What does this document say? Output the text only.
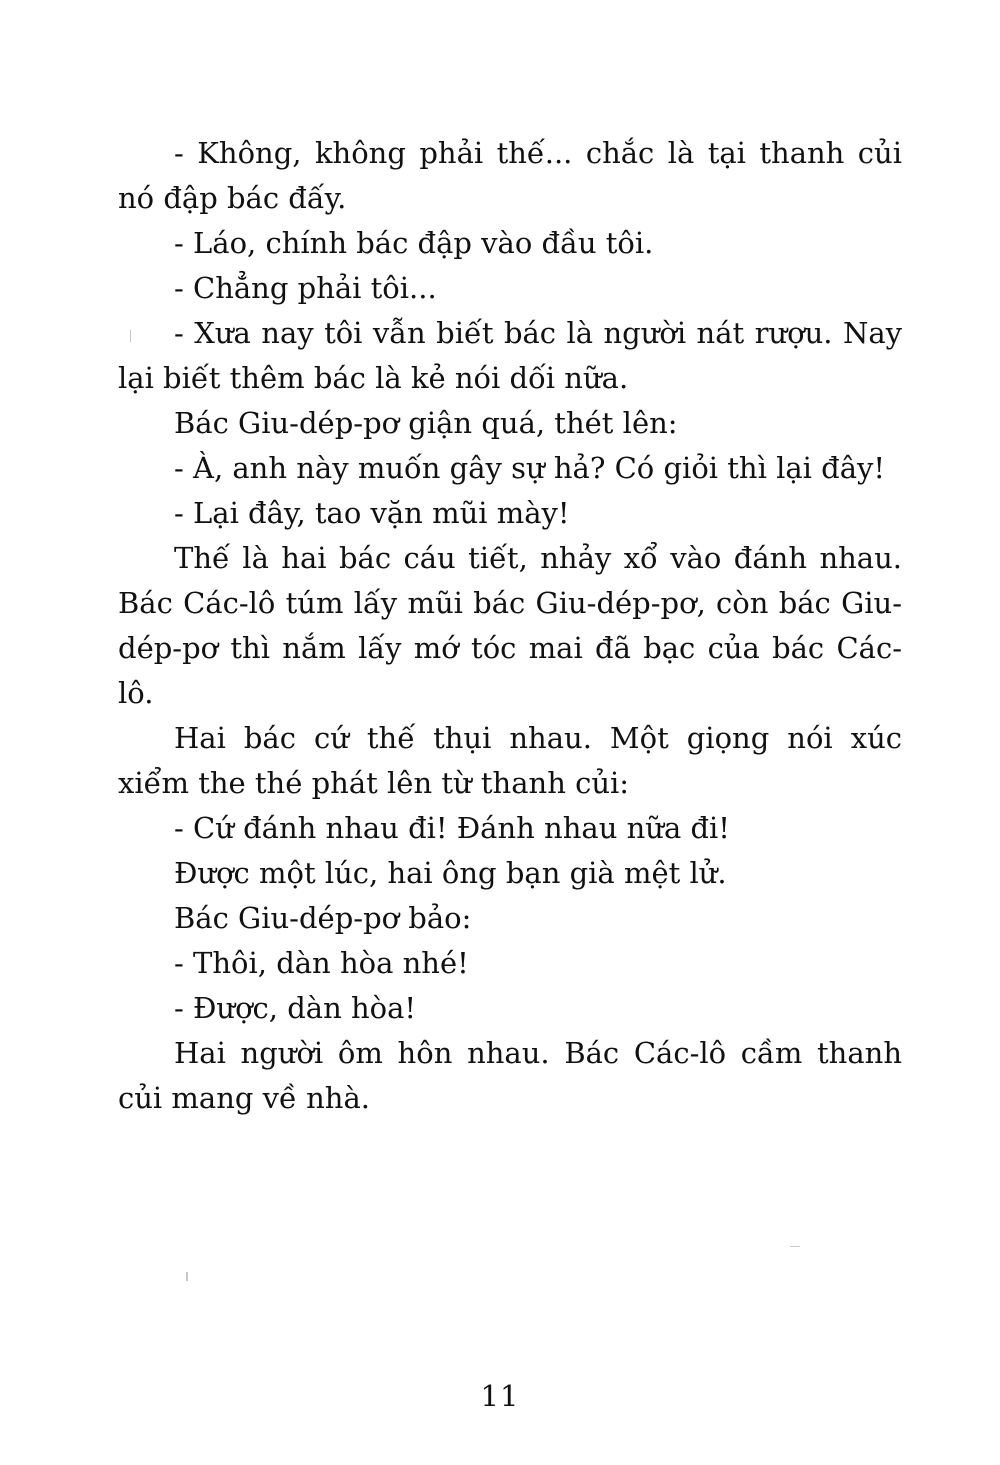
- Không, không phải thế... chắc là tại thanh củi nó đập bác đấy.

- Láo, chính bác đập vào đầu tôi.

- Chẳng phải tôi...

- Xưa nay tôi vẫn biết bác là người nát rượu. Nay lại biết thêm bác là kẻ nói dối nữa.

Bác Giu-dép-pơ giận quá, thét lên:

- À, anh này muốn gây sự hả? Có giỏi thì lại đây!

- Lại đây, tao vặn mũi mày!

Thế là hai bác cáu tiết, nhảy xổ vào đánh nhau. Bác Các-lô túm lấy mũi bác Giu-dép-pơ, còn bác Giu-dép-pơ thì nắm lấy mớ tóc mai đã bạc của bác Các-lô.

Hai bác cứ thế thụi nhau. Một giọng nói xúc xiểm the thé phát lên từ thanh củi:

- Cứ đánh nhau đi! Đánh nhau nữa đi!

Được một lúc, hai ông bạn già mệt lử.

Bác Giu-dép-pơ bảo:

- Thôi, dàn hòa nhé!

- Được, dàn hòa!

Hai người ôm hôn nhau. Bác Các-lô cầm thanh củi mang về nhà.

11
